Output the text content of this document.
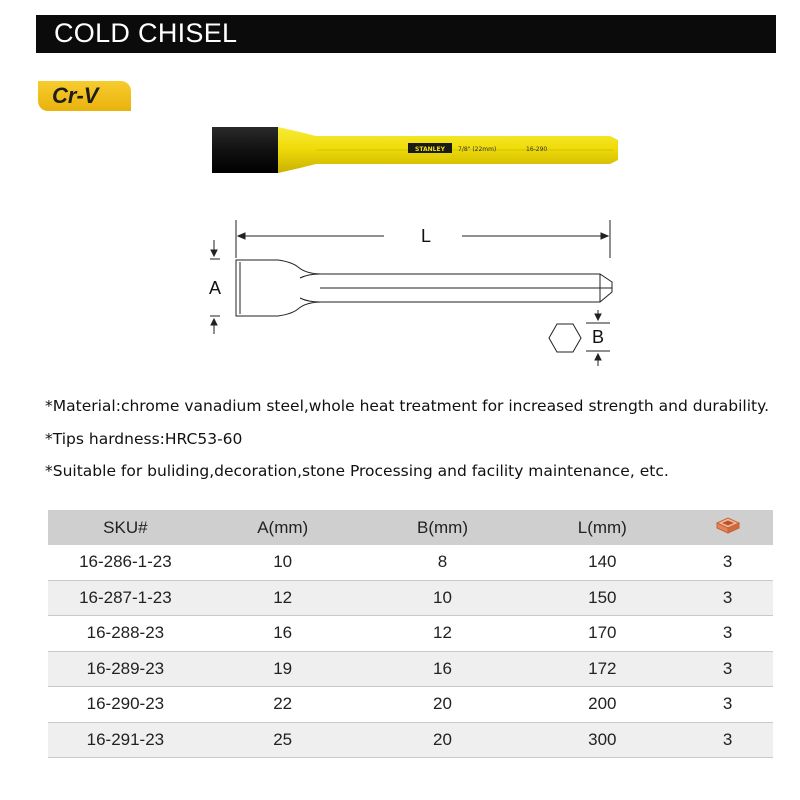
COLD CHISEL
Cr-V
STANLEY 7/8" (22mm)	16-290
L
A
B
*Material:chrome vanadium steel,whole heat treatment for increased strength and durability.
*Tips hardness:HRC53-60
*Suitable for buliding,decoration,stone Processing and facility maintenance, etc.
SKU#	A(mm)	B(mm)	L(mm)	
16-286-1-23	10	8	140	3
16-287-1-23	12	10	150	3
16-288-23	16	12	170	3
16-289-23	19	16	172	3
16-290-23	22	20	200	3
16-291-23	25	20	300	3
